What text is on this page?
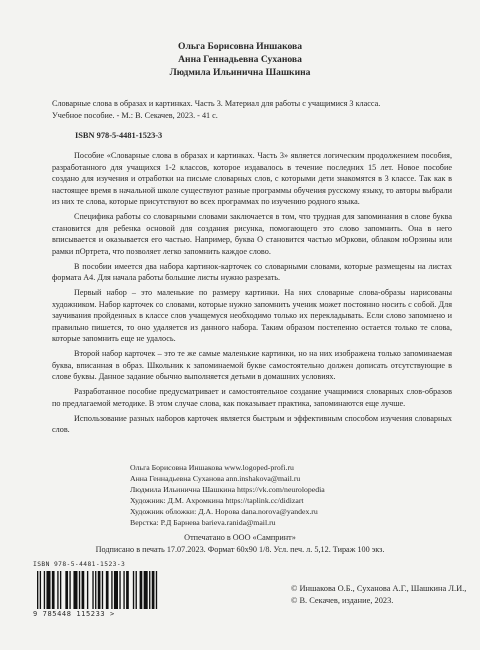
Ольга Борисовна Иншакова
Анна Геннадьевна Суханова
Людмила Ильинична Шашкина
Словарные слова в образах и картинках. Часть 3. Материал для работы с учащимися 3 класса.
Учебное пособие. - М.: В. Секачев, 2023. - 41 с.
ISBN 978-5-4481-1523-3

Пособие «Словарные слова в образах и картинках. Часть 3» является логическим продолжением пособия, разработанного для учащихся 1-2 классов, которое издавалось в течение последних 15 лет. Новое пособие создано для изучения и отработки на письме словарных слов, с которыми дети знакомятся в 3 классе. Так как в настоящее время в начальной школе существуют разные программы обучения русскому языку, то авторы выбрали из них те слова, которые присутствуют во всех программах по изучению родного языка.

Специфика работы со словарными словами заключается в том, что трудная для запоминания в слове буква становится для ребенка основой для создания рисунка, помогающего это слово запомнить. Она в него вписывается и оказывается его частью. Например, буква О становится частью мОркови, облаком юОрзины или рамки пОртрета, что позволяет легко запомнить каждое слово.

В пособии имеется два набора картинок-карточек со словарными словами, которые размещены на листах формата А4. Для начала работы большие листы нужно разрезать.

Первый набор – это маленькие по размеру картинки. На них словарные слова-образы нарисованы художником. Набор карточек со словами, которые нужно запомнить ученик может постоянно носить с собой. Для заучивания пройденных в классе слов учащемуся необходимо только их перекладывать. Если слово запомнено и правильно пишется, то оно удаляется из данного набора. Таким образом постепенно остается только те слова, которые запомнить еще не удалось.

Второй набор карточек – это те же самые маленькие картинки, но на них изображена только запоминаемая буква, вписанная в образ. Школьник к запоминаемой букве самостоятельно должен дописать отсутствующие в слове буквы. Данное задание обычно выполняется детьми в домашних условиях.

Разработанное пособие предусматривает и самостоятельное создание учащимися словарных слов-образов по предлагаемой методике. В этом случае слова, как показывает практика, запоминаются еще лучше.

Использование разных наборов карточек является быстрым и эффективным способом изучения словарных слов.

Ольга Борисовна Иншакова www.logoped-profi.ru
Анна Геннадьевна Суханова ann.inshakova@mail.ru
Людмила Ильинична Шашкина https://vk.com/neurolopedia
Художник: Д.М. Ахромкина https://taplink.cc/didizart
Художник обложки: Д.А. Норова dana.norova@yandex.ru
Верстка: Р.Д Барнева barieva.ranida@mail.ru
Отпечатано в ООО «Сампринт»
Подписано в печать 17.07.2023. Формат 60x90 1/8. Усл. печ. л. 5,12. Тираж 100 экз.
ISBN 978-5-4481-1523-3
9 785448 115233 >
© Иншакова О.Б., Суханова А.Г., Шашкина Л.И.,
© В. Секачев, издание, 2023.
